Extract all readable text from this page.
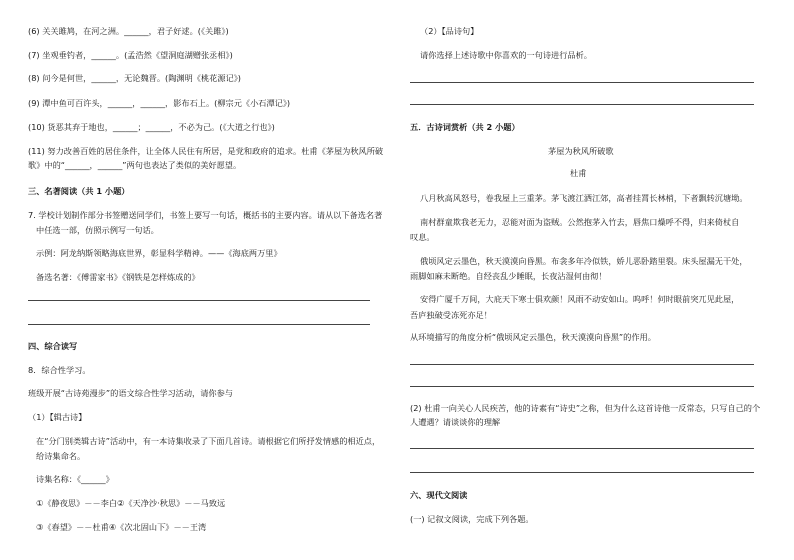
(6) 关关雎鸠，在河之洲。______，君子好逑。(《关雎》)
(7) 坐观垂钓者，______。(孟浩然《望洞庭湖赠张丞相》)
(8) 问今是何世，______，无论魏晋。(陶渊明《桃花源记》)
(9) 潭中鱼可百许头，______，______，影布石上。(柳宗元《小石潭记》)
(10) 货恶其弃于地也，______；______，不必为己。(《大道之行也》)
(11) 努力改善百姓的居住条件，让全体人民住有所居，是党和政府的追求。杜甫《茅屋为秋风所破
歌》中的“______，______”两句也表达了类似的美好愿望。
三、名著阅读（共 1 小题）
7. 学校计划制作部分书签赠送同学们，书签上要写一句话，概括书的主要内容。请从以下备选名著
中任选一部，仿照示例写一句话。
示例：阿龙纳斯领略海底世界，彰显科学精神。——《海底两万里》
备选名著：《傅雷家书》《钢铁是怎样炼成的》
四、综合读写
8．综合性学习。
班级开展“古诗苑漫步”的语文综合性学习活动，请你参与
（1）【辑古诗】
在“分门别类辑古诗”活动中，有一本诗集收录了下面几首诗。请根据它们所抒发情感的相近点，
给诗集命名。
诗集名称：《______》
①《静夜思》－－李白②《天净沙·秋思》－－马致远
③《春望》－－杜甫④《次北固山下》－－王湾
（2）【品诗句】
请你选择上述诗歌中你喜欢的一句诗进行品析。
五．古诗词赏析（共 2 小题）
茅屋为秋风所破歌
杜甫
八月秋高风怒号，卷我屋上三重茅。茅飞渡江洒江郊，高者挂罥长林梢，下者飘转沉塘坳。
南村群童欺我老无力，忍能对面为盗贼。公然抱茅入竹去，唇焦口燥呼不得，归来倚杖自
叹息。
俄顷风定云墨色，秋天漠漠向昏黑。布衾多年冷似铁，娇儿恶卧踏里裂。床头屋漏无干处，
雨脚如麻未断绝。自经丧乱少睡眠，长夜沾湿何由彻！
安得广厦千万间，大庇天下寒士俱欢颜！风雨不动安如山。呜呼！何时眼前突兀见此屋，
吾庐独破受冻死亦足！
从环境描写的角度分析“俄顷风定云墨色，秋天漠漠向昏黑”的作用。
(2) 杜甫一向关心人民疾苦，他的诗素有“诗史”之称，但为什么这首诗他一反常态，只写自己的个
人遭遇？请谈谈你的理解
六、现代文阅读
(一) 记叙文阅读，完成下列各题。
